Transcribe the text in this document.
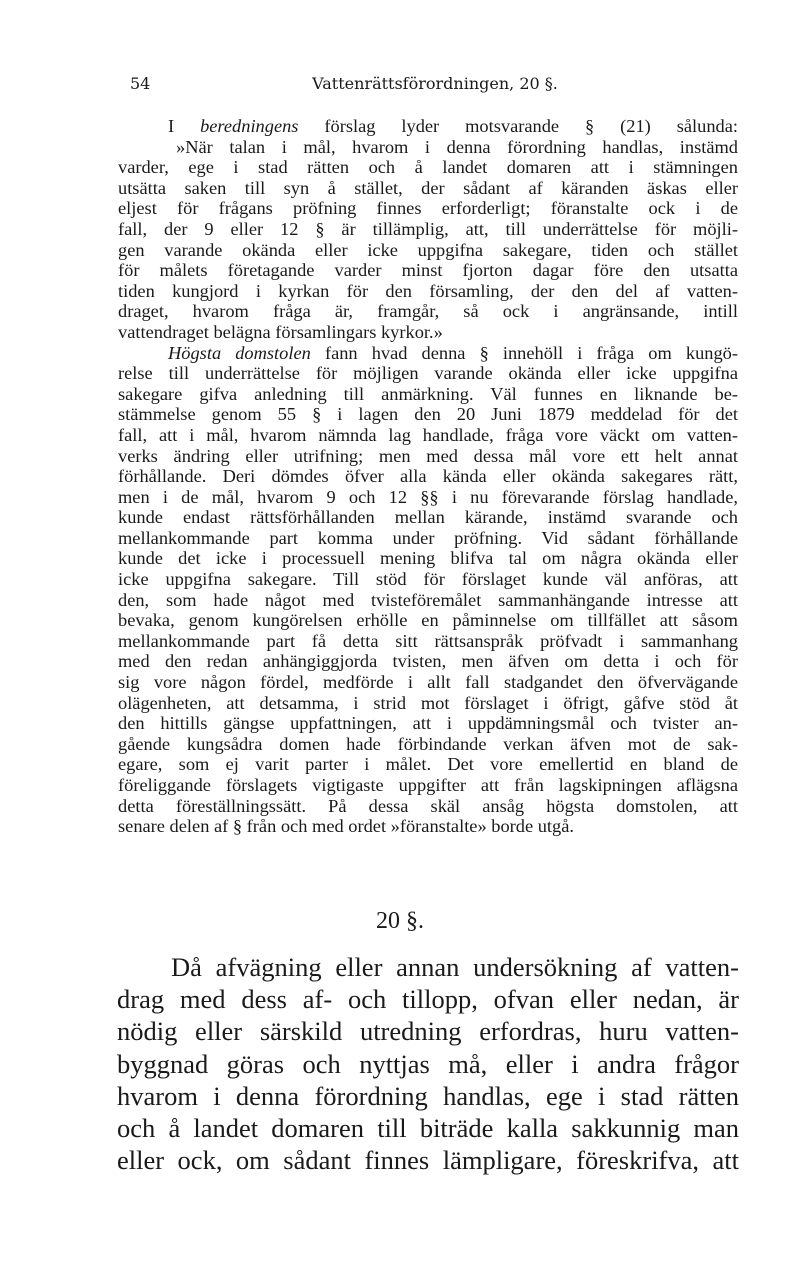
54	Vattenrättsförordningen, 20 §.
I beredningens förslag lyder motsvarande § (21) sålunda:
»När talan i mål, hvarom i denna förordning handlas, instämd
varder, ege i stad rätten och å landet domaren att i stämningen
utsätta saken till syn å stället, der sådant af käranden äskas eller
eljest för frågans pröfning finnes erforderligt; föranstalte ock i de
fall, der 9 eller 12 § är tillämplig, att, till underrättelse för möjli-
gen varande okända eller icke uppgifna sakegare, tiden och stället
för målets företagande varder minst fjorton dagar före den utsatta
tiden kungjord i kyrkan för den församling, der den del af vatten-
draget, hvarom fråga är, framgår, så ock i angränsande, intill
vattendraget belägna församlingars kyrkor.»
Högsta domstolen fann hvad denna § innehöll i fråga om kungö-
relse till underrättelse för möjligen varande okända eller icke uppgifna
sakegare gifva anledning till anmärkning. Väl funnes en liknande be-
stämmelse genom 55 § i lagen den 20 Juni 1879 meddelad för det
fall, att i mål, hvarom nämnda lag handlade, fråga vore väckt om vatten-
verks ändring eller utrifning; men med dessa mål vore ett helt annat
förhållande. Deri dömdes öfver alla kända eller okända sakegares rätt,
men i de mål, hvarom 9 och 12 §§ i nu förevarande förslag handlade,
kunde endast rättsförhållanden mellan kärande, instämd svarande och
mellankommande part komma under pröfning. Vid sådant förhållande
kunde det icke i processuell mening blifva tal om några okända eller
icke uppgifna sakegare. Till stöd för förslaget kunde väl anföras, att
den, som hade något med tvisteföremålet sammanhängande intresse att
bevaka, genom kungörelsen erhölle en påminnelse om tillfället att såsom
mellankommande part få detta sitt rättsanspråk pröfvadt i sammanhang
med den redan anhängiggjorda tvisten, men äfven om detta i och för
sig vore någon fördel, medförde i allt fall stadgandet den öfvervägande
olägenheten, att detsamma, i strid mot förslaget i öfrigt, gåfve stöd åt
den hittills gängse uppfattningen, att i uppdämningsmål och tvister an-
gående kungsådra domen hade förbindande verkan äfven mot de sak-
egare, som ej varit parter i målet. Det vore emellertid en bland de
föreliggande förslagets vigtigaste uppgifter att från lagskipningen aflägsna
detta föreställningssätt. På dessa skäl ansåg högsta domstolen, att
senare delen af § från och med ordet »föranstalte» borde utgå.
20 §.
Då afvägning eller annan undersökning af vatten-
drag med dess af- och tillopp, ofvan eller nedan, är
nödig eller särskild utredning erfordras, huru vatten-
byggnad göras och nyttjas må, eller i andra frågor
hvarom i denna förordning handlas, ege i stad rätten
och å landet domaren till biträde kalla sakkunnig man
eller ock, om sådant finnes lämpligare, föreskrifva, att
